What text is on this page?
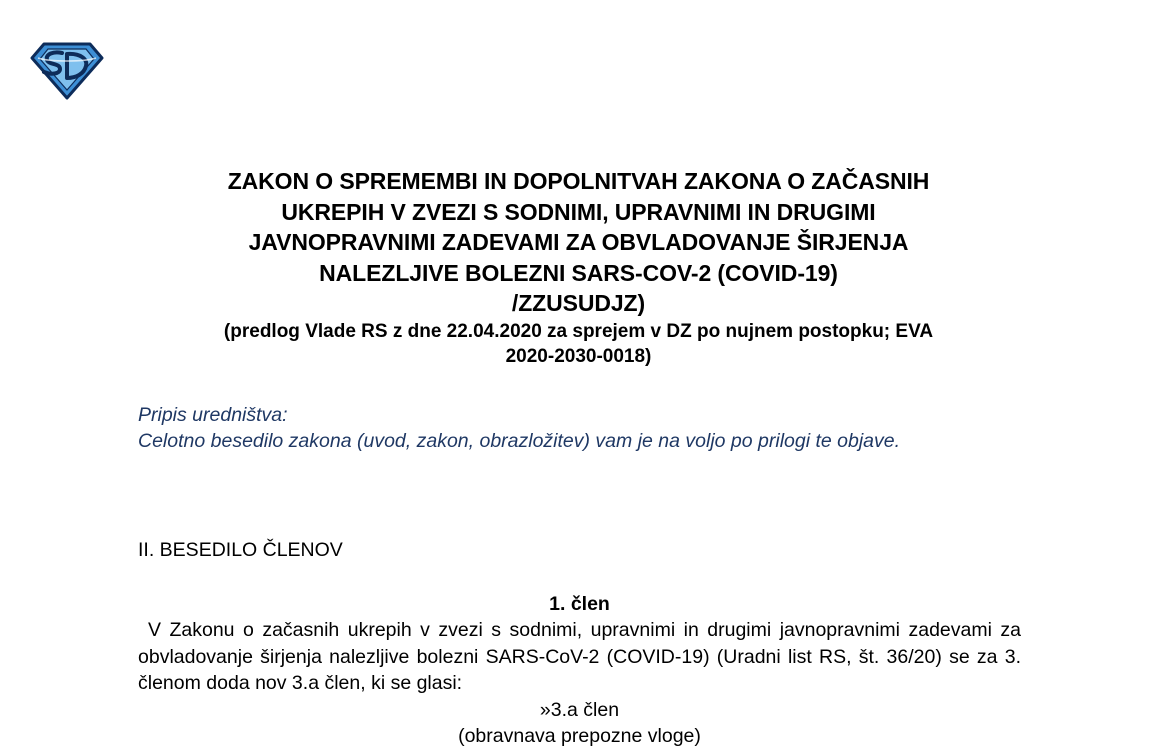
ZAKON O SPREMEMBI IN DOPOLNITVAH ZAKONA O ZAČASNIH
UKREPIH V ZVEZI S SODNIMI, UPRAVNIMI IN DRUGIMI
JAVNOPRAVNIMI ZADEVAMI ZA OBVLADOVANJE ŠIRJENJA
NALEZLJIVE BOLEZNI SARS-COV-2 (COVID-19)
/ZZUSUDJZ)
(predlog Vlade RS z dne 22.04.2020 za sprejem v DZ po nujnem postopku; EVA
2020-2030-0018)
Pripis uredništva:
Celotno besedilo zakona (uvod, zakon, obrazložitev) vam je na voljo po prilogi te objave.
II. BESEDILO ČLENOV
1. člen
V Zakonu o začasnih ukrepih v zvezi s sodnimi, upravnimi in drugimi javnopravnimi zadevami za obvladovanje širjenja nalezljive bolezni SARS-CoV-2 (COVID-19) (Uradni list RS, št. 36/20) se za 3. členom doda nov 3.a člen, ki se glasi:
»3.a člen
(obravnava prepozne vloge)
